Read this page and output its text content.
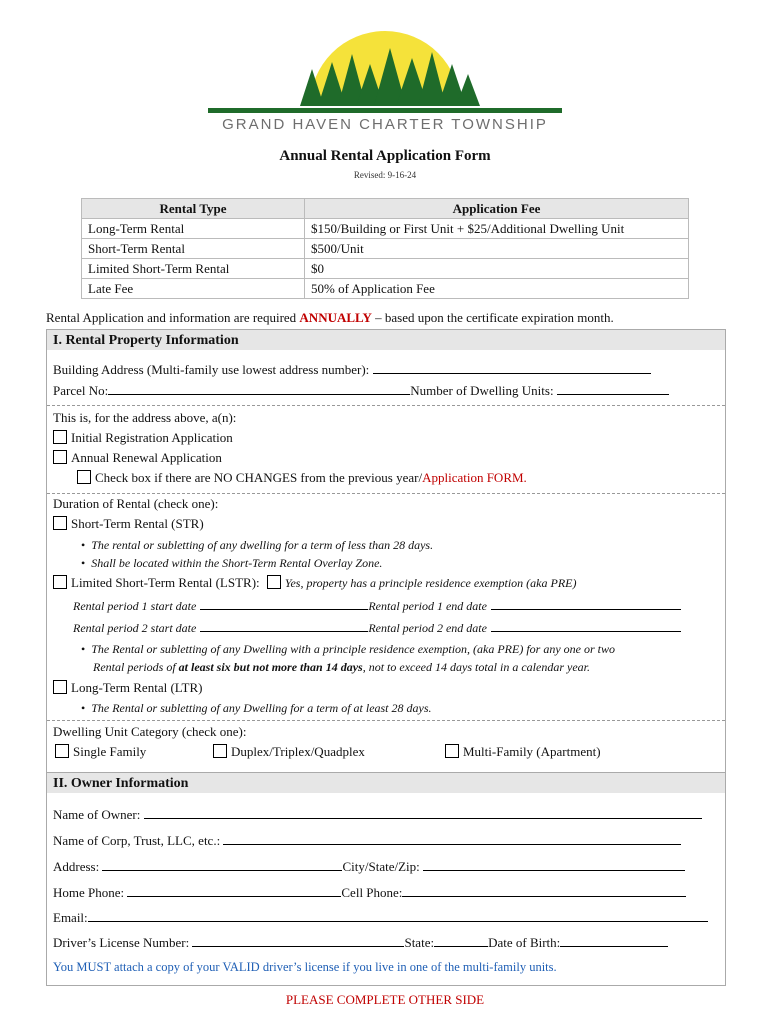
GRAND HAVEN CHARTER TOWNSHIP
Annual Rental Application Form
Revised: 9-16-24
Rental Type	Application Fee
Long-Term Rental	$150/Building or First Unit + $25/Additional Dwelling Unit
Short-Term Rental	$500/Unit
Limited Short-Term Rental	$0
Late Fee	50% of Application Fee
Rental Application and information are required ANNUALLY – based upon the certificate expiration month.
I. Rental Property Information
Building Address (Multi-family use lowest address number):
Parcel No:	Number of Dwelling Units:
This is, for the address above, a(n):
Initial Registration Application
Annual Renewal Application
Check box if there are NO CHANGES from the previous year/Application FORM.
Duration of Rental (check one):
Short-Term Rental (STR)
• The rental or subletting of any dwelling for a term of less than 28 days.
• Shall be located within the Short-Term Rental Overlay Zone.
Limited Short-Term Rental (LSTR): Yes, property has a principle residence exemption (aka PRE)
Rental period 1 start date	Rental period 1 end date
Rental period 2 start date	Rental period 2 end date
• The Rental or subletting of any Dwelling with a principle residence exemption, (aka PRE) for any one or two
Rental periods of at least six but not more than 14 days, not to exceed 14 days total in a calendar year.
Long-Term Rental (LTR)
• The Rental or subletting of any Dwelling for a term of at least 28 days.
Dwelling Unit Category (check one):
Single Family	Duplex/Triplex/Quadplex	Multi-Family (Apartment)
II. Owner Information
Name of Owner:
Name of Corp, Trust, LLC, etc.:
Address:	City/State/Zip:
Home Phone:	Cell Phone:
Email:
Driver’s License Number:	State:	Date of Birth:
You MUST attach a copy of your VALID driver’s license if you live in one of the multi-family units.
PLEASE COMPLETE OTHER SIDE
